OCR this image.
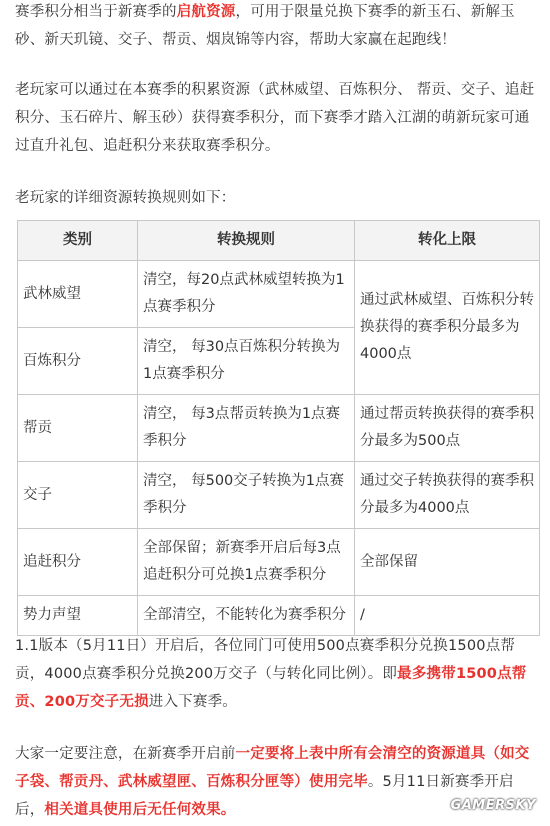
赛季积分相当于新赛季的启航资源，可用于限量兑换下赛季的新玉石、新解玉砂、新天玑镜、交子、帮贡、烟岚锦等内容，帮助大家赢在起跑线！

老玩家可以通过在本赛季的积累资源（武林威望、百炼积分、 帮贡、交子、追赶积分、玉石碎片、解玉砂）获得赛季积分，而下赛季才踏入江湖的萌新玩家可通过直升礼包、追赶积分来获取赛季积分。

老玩家的详细资源转换规则如下：

类别	转换规则	转化上限
武林威望	清空，每20点武林威望转换为1点赛季积分	通过武林威望、百炼积分转换获得的赛季积分最多为4000点
百炼积分	清空， 每30点百炼积分转换为1点赛季积分	
帮贡	清空， 每3点帮贡转换为1点赛季积分	通过帮贡转换获得的赛季积分最多为500点
交子	清空， 每500交子转换为1点赛季积分	通过交子转换获得的赛季积分最多为4000点
追赶积分	全部保留；新赛季开启后每3点追赶积分可兑换1点赛季积分	全部保留
势力声望	全部清空，不能转化为赛季积分	/

1.1版本（5月11日）开启后，各位同门可使用500点赛季积分兑换1500点帮贡，4000点赛季积分兑换200万交子（与转化同比例）。即最多携带1500点帮贡、200万交子无损进入下赛季。

大家一定要注意，在新赛季开启前一定要将上表中所有会清空的资源道具（如交子袋、帮贡丹、武林威望匣、百炼积分匣等）使用完毕。5月11日新赛季开启后，相关道具使用后无任何效果。	GAMERSKY
